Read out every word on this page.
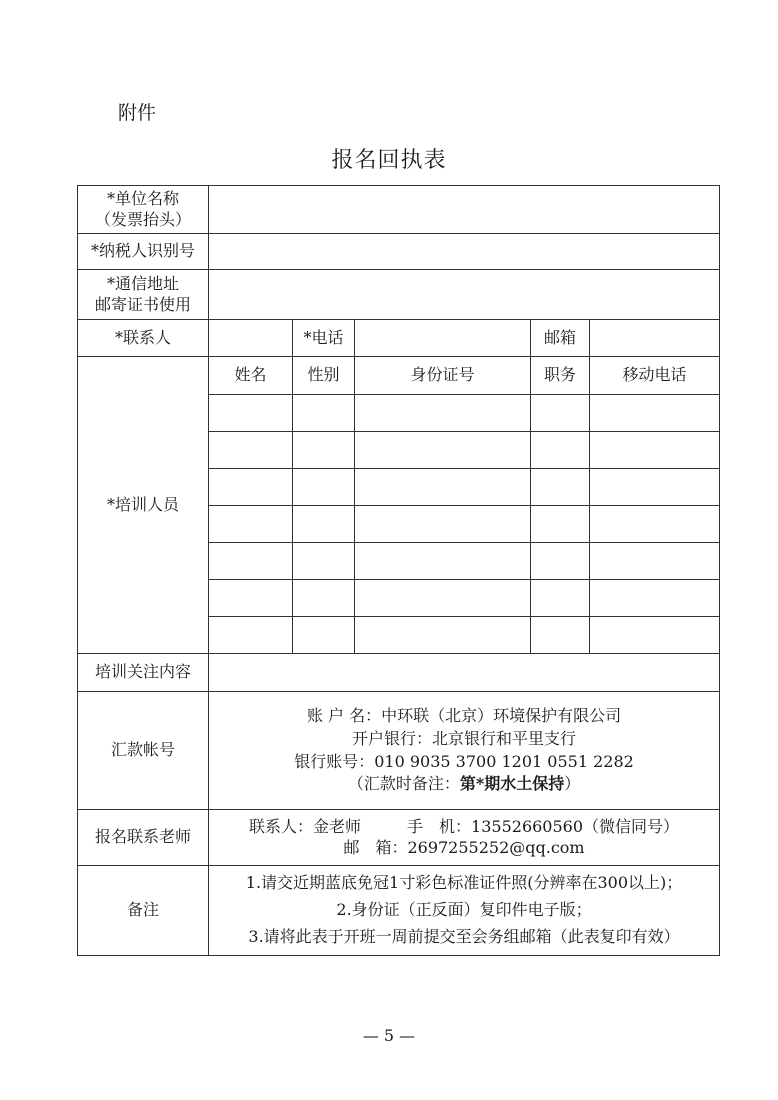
附件
报名回执表
*单位名称
（发票抬头）					

*纳税人识别号					

*通信地址
邮寄证书使用					

*联系人		*电话		邮箱	
*培训人员	姓名	性别	身份证号	职务	移动电话

培训关注内容					
汇款帐号	账 户 名：中环联（北京）环境保护有限公司
开户银行：北京银行和平里支行
银行账号：010 9035 3700 1201 0551 2282
（汇款时备注：第*期水土保持）				

报名联系老师	联系人：金老师 手　机：13552660560（微信同号）
邮　箱：2697255252@qq.com				

备注	1.请交近期蓝底免冠1寸彩色标准证件照(分辨率在300以上)；
2.身份证（正反面）复印件电子版；
3.请将此表于开班一周前提交至会务组邮箱（此表复印有效）				
— 5 —
